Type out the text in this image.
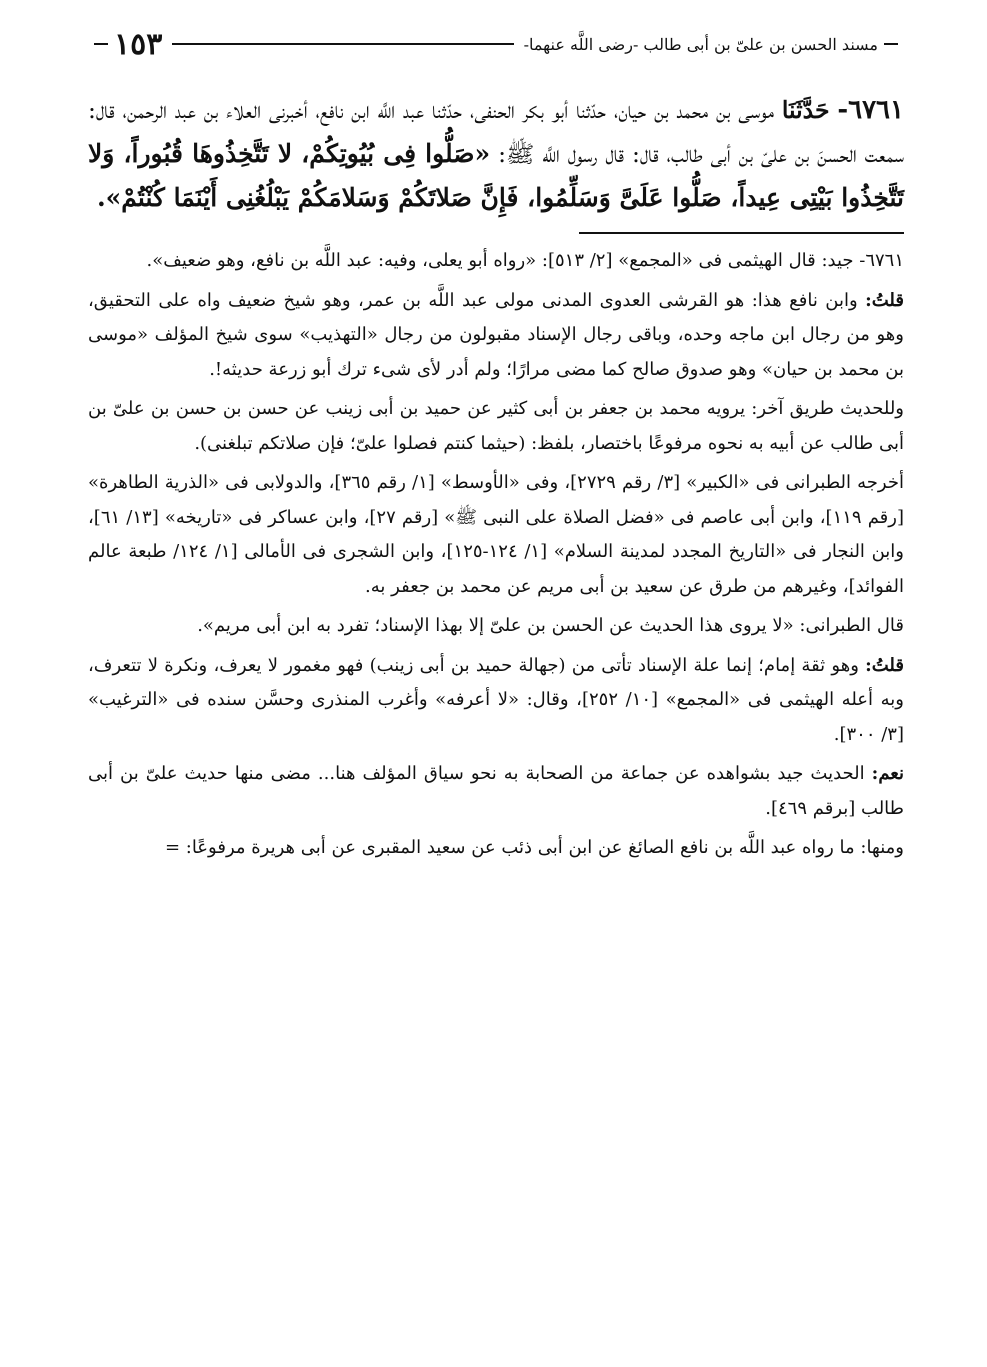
مسند الحسن بن علىّ بن أبى طالب -رضى اللَّه عنهما-
١٥٣
٦٧٦١- حَدَّثَنَا موسى بن محمد بن حيان، حدّثنا أبو بكر الحنفى، حدّثنا عبد اللَّه ابن نافع، أخبرنى العلاء بن عبد الرحمن، قال: سمعت الحسنَ بن علىّ بن أبى طالب، قال: قال رسول اللَّه ﷺ: «صَلُّوا فِى بُيُوتِكُمْ، لا تَتَّخِذُوهَا قُبُوراً، وَلا تَتَّخِذُوا بَيْتِى عِيداً، صَلُّوا عَلَىَّ وَسَلِّمُوا، فَإِنَّ صَلاتَكُمْ وَسَلامَكُمْ يَبْلُغُنِى أَيْنَمَا كُنْتُمْ».

٦٧٦١- جيد: قال الهيثمى فى «المجمع» [٢/ ٥١٣]: «رواه أبو يعلى، وفيه: عبد اللَّه بن نافع، وهو ضعيف».

قلتُ: وابن نافع هذا: هو القرشى العدوى المدنى مولى عبد اللَّه بن عمر، وهو شيخ ضعيف واه على التحقيق، وهو من رجال ابن ماجه وحده، وباقى رجال الإسناد مقبولون من رجال «التهذيب» سوى شيخ المؤلف «موسى بن محمد بن حيان» وهو صدوق صالح كما مضى مرارًا؛ ولم أدر لأى شىء ترك أبو زرعة حديثه!.

وللحديث طريق آخر: يرويه محمد بن جعفر بن أبى كثير عن حميد بن أبى زينب عن حسن بن حسن بن علىّ بن أبى طالب عن أبيه به نحوه مرفوعًا باختصار، بلفظ: (حيثما كنتم فصلوا علىّ؛ فإن صلاتكم تبلغنى).

أخرجه الطبرانى فى «الكبير» [٣/ رقم ٢٧٢٩]، وفى «الأوسط» [١/ رقم ٣٦٥]، والدولابى فى «الذرية الطاهرة» [رقم ١١٩]، وابن أبى عاصم فى «فضل الصلاة على النبى ﷺ» [رقم ٢٧]، وابن عساكر فى «تاريخه» [١٣/ ٦١]، وابن النجار فى «التاريخ المجدد لمدينة السلام» [١/ ١٢٤-١٢٥]، وابن الشجرى فى الأمالى [١/ ١٢٤/ طبعة عالم الفوائد]، وغيرهم من طرق عن سعيد بن أبى مريم عن محمد بن جعفر به.

قال الطبرانى: «لا يروى هذا الحديث عن الحسن بن علىّ إلا بهذا الإسناد؛ تفرد به ابن أبى مريم».

قلتُ: وهو ثقة إمام؛ إنما علة الإسناد تأتى من (جهالة حميد بن أبى زينب) فهو مغمور لا يعرف، ونكرة لا تتعرف، وبه أعله الهيثمى فى «المجمع» [١٠/ ٢٥٢]، وقال: «لا أعرفه» وأغرب المنذرى وحسَّن سنده فى «الترغيب» [٣/ ٣٠٠].

نعم: الحديث جيد بشواهده عن جماعة من الصحابة به نحو سياق المؤلف هنا... مضى منها حديث علىّ بن أبى طالب [برقم ٤٦٩].

ومنها: ما رواه عبد اللَّه بن نافع الصائغ عن ابن أبى ذئب عن سعيد المقبرى عن أبى هريرة مرفوعًا: =
